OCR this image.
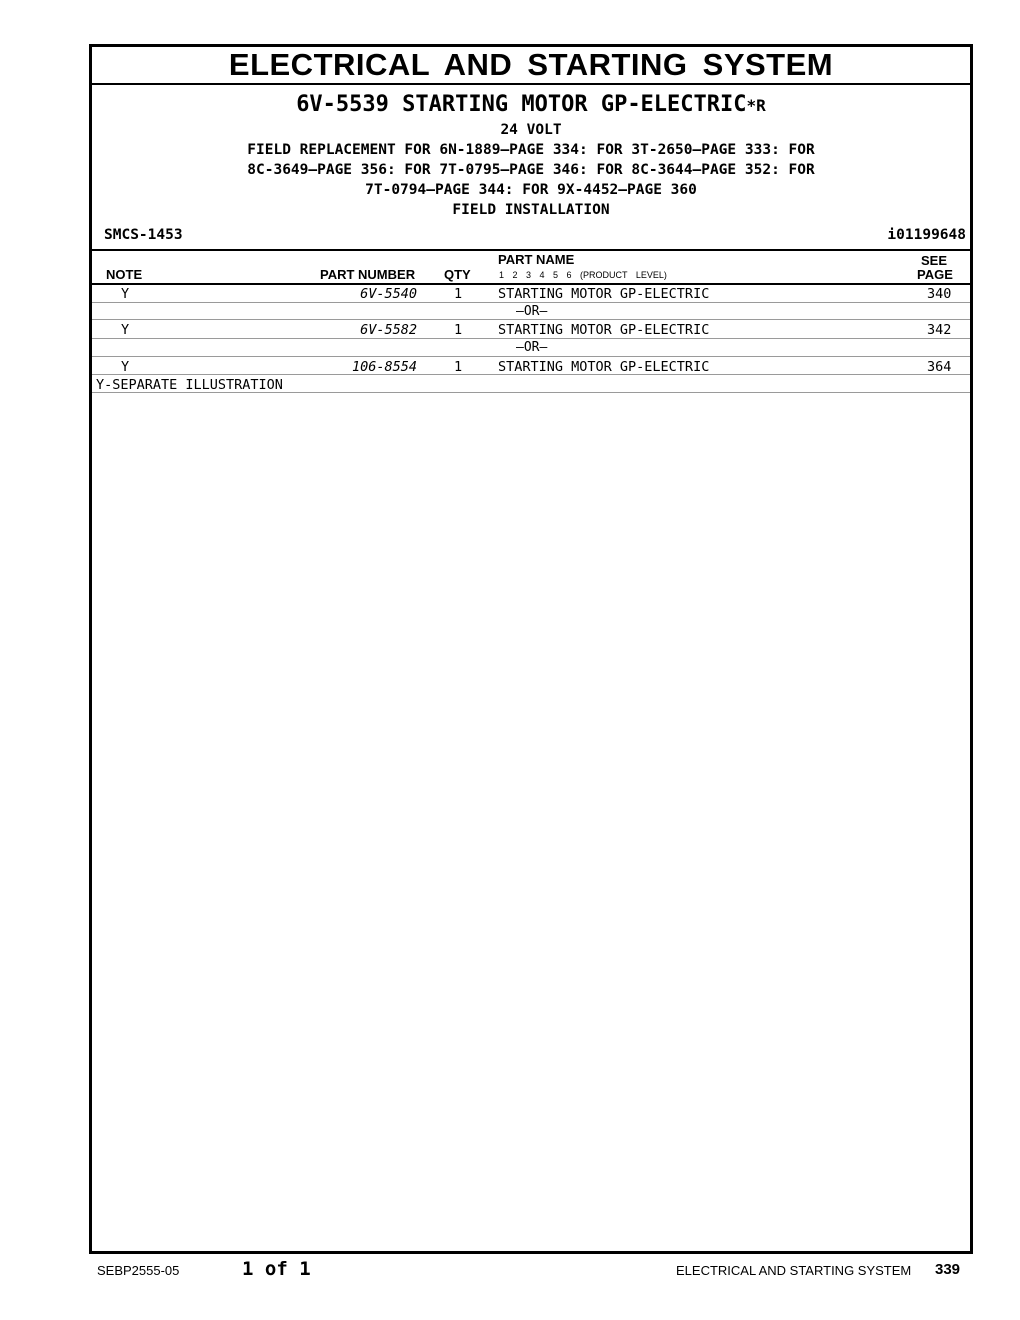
ELECTRICAL AND STARTING SYSTEM
6V-5539 STARTING MOTOR GP-ELECTRIC*R
24 VOLT
FIELD REPLACEMENT FOR 6N-1889—PAGE 334: FOR 3T-2650—PAGE 333: FOR
8C-3649—PAGE 356: FOR 7T-0795—PAGE 346: FOR 8C-3644—PAGE 352: FOR
7T-0794—PAGE 344: FOR 9X-4452—PAGE 360
FIELD INSTALLATION
SMCS-1453	i01199648
NOTE	PART NUMBER QTY
PART NAME
1 2 3 4 5 6 (PRODUCT LEVEL)
SEE
PAGE
Y	6V-5540	1	STARTING MOTOR GP-ELECTRIC	340
—OR—
Y	6V-5582	1	STARTING MOTOR GP-ELECTRIC	342
—OR—
Y	106-8554	1	STARTING MOTOR GP-ELECTRIC	364
Y-SEPARATE ILLUSTRATION
SEBP2555-05	1 of 1	ELECTRICAL AND STARTING SYSTEM 339
